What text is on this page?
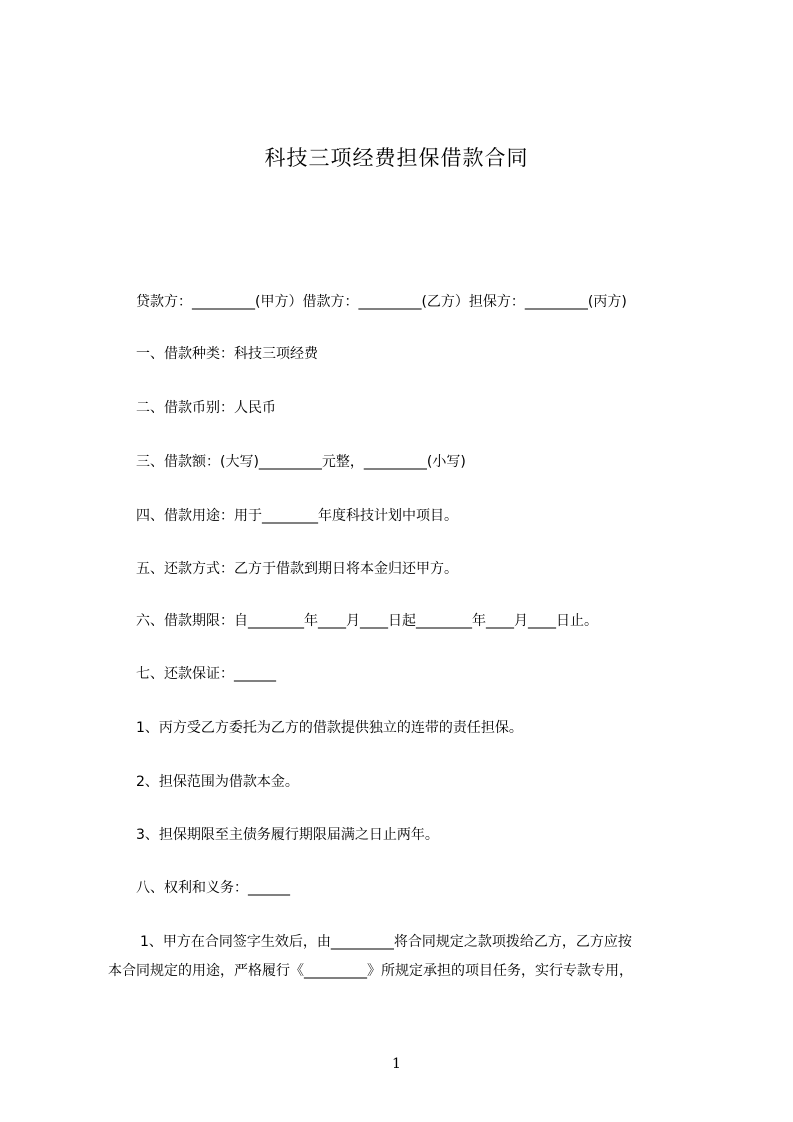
科技三项经费担保借款合同

贷款方：_________(甲方）借款方：_________(乙方）担保方：_________(丙方)

一、借款种类：科技三项经费

二、借款币别：人民币

三、借款额：(大写)_________元整，_________(小写)

四、借款用途：用于________年度科技计划中项目。

五、还款方式：乙方于借款到期日将本金归还甲方。

六、借款期限：自________年____月____日起________年____月____日止。

七、还款保证：______

1、丙方受乙方委托为乙方的借款提供独立的连带的责任担保。

2、担保范围为借款本金。

3、担保期限至主债务履行期限届满之日止两年。

八、权利和义务：______

1、甲方在合同签字生效后，由_________将合同规定之款项拨给乙方，乙方应按

本合同规定的用途，严格履行《_________》所规定承担的项目任务，实行专款专用，

1
